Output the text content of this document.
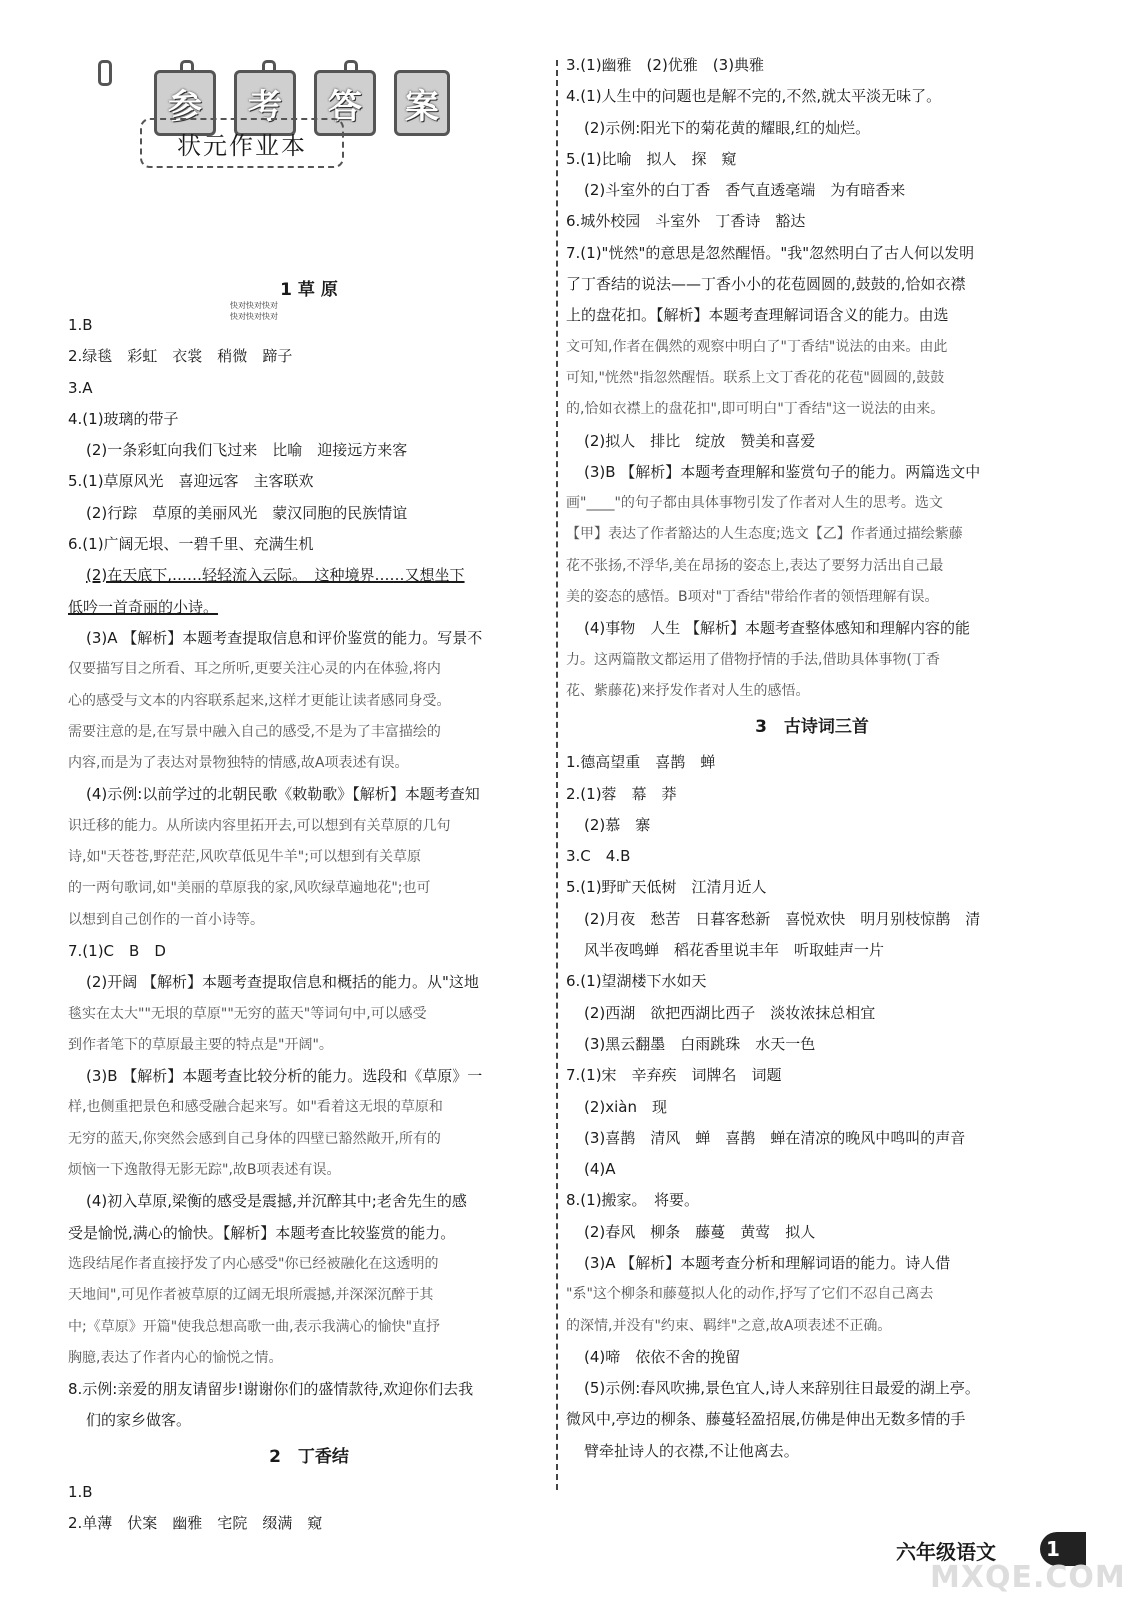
参	考	答	案
1 草 原
1.B
2.绿毯　彩虹　衣裳　稍微　蹄子
3.A
4.(1)玻璃的带子
(2)一条彩虹向我们飞过来　比喻　迎接远方来客
5.(1)草原风光　喜迎远客　主客联欢
(2)行踪　草原的美丽风光　蒙汉同胞的民族情谊
6.(1)广阔无垠、一碧千里、充满生机
(2)在天底下,……轻轻流入云际。　这种境界……又想坐下
低吟一首奇丽的小诗。
(3)A 【解析】本题考查提取信息和评价鉴赏的能力。写景不
仅要描写目之所看、耳之所听,更要关注心灵的内在体验,将内
心的感受与文本的内容联系起来,这样才更能让读者感同身受。
需要注意的是,在写景中融入自己的感受,不是为了丰富描绘的
内容,而是为了表达对景物独特的情感,故A项表述有误。
(4)示例:以前学过的北朝民歌《敕勒歌》【解析】本题考查知
识迁移的能力。从所读内容里拓开去,可以想到有关草原的几句
诗,如"天苍苍,野茫茫,风吹草低见牛羊";可以想到有关草原
的一两句歌词,如"美丽的草原我的家,风吹绿草遍地花";也可
以想到自己创作的一首小诗等。
7.(1)C　B　D
(2)开阔 【解析】本题考查提取信息和概括的能力。从"这地
毯实在太大""无垠的草原""无穷的蓝天"等词句中,可以感受
到作者笔下的草原最主要的特点是"开阔"。
(3)B 【解析】本题考查比较分析的能力。选段和《草原》一
样,也侧重把景色和感受融合起来写。如"看着这无垠的草原和
无穷的蓝天,你突然会感到自己身体的四壁已豁然敞开,所有的
烦恼一下逸散得无影无踪",故B项表述有误。
(4)初入草原,梁衡的感受是震撼,并沉醉其中;老舍先生的感
受是愉悦,满心的愉快。【解析】本题考查比较鉴赏的能力。
选段结尾作者直接抒发了内心感受"你已经被融化在这透明的
天地间",可见作者被草原的辽阔无垠所震撼,并深深沉醉于其
中;《草原》开篇"使我总想高歌一曲,表示我满心的愉快"直抒
胸臆,表达了作者内心的愉悦之情。
8.示例:亲爱的朋友请留步!谢谢你们的盛情款待,欢迎你们去我
们的家乡做客。
2　丁香结
1.B
2.单薄　伏案　幽雅　宅院　缀满　窥
状元作业本
快对快对快对
快对快对快对
3.(1)幽雅　(2)优雅　(3)典雅
4.(1)人生中的问题也是解不完的,不然,就太平淡无味了。
(2)示例:阳光下的菊花黄的耀眼,红的灿烂。
5.(1)比喻　拟人　探　窥
(2)斗室外的白丁香　香气直透毫端　为有暗香来
6.城外校园　斗室外　丁香诗　豁达
7.(1)"恍然"的意思是忽然醒悟。"我"忽然明白了古人何以发明
了丁香结的说法——丁香小小的花苞圆圆的,鼓鼓的,恰如衣襟
上的盘花扣。【解析】本题考查理解词语含义的能力。由选
文可知,作者在偶然的观察中明白了"丁香结"说法的由来。由此
可知,"恍然"指忽然醒悟。联系上文丁香花的花苞"圆圆的,鼓鼓
的,恰如衣襟上的盘花扣",即可明白"丁香结"这一说法的由来。
(2)拟人　排比　绽放　赞美和喜爱
(3)B 【解析】本题考查理解和鉴赏句子的能力。两篇选文中
画"____"的句子都由具体事物引发了作者对人生的思考。选文
【甲】表达了作者豁达的人生态度;选文【乙】作者通过描绘紫藤
花不张扬,不浮华,美在昂扬的姿态上,表达了要努力活出自己最
美的姿态的感悟。B项对"丁香结"带给作者的领悟理解有误。
(4)事物　人生 【解析】本题考查整体感知和理解内容的能
力。这两篇散文都运用了借物抒情的手法,借助具体事物(丁香
花、紫藤花)来抒发作者对人生的感悟。
3　古诗词三首
1.德高望重　喜鹊　蝉
2.(1)蓉　幕　莽
(2)慕　寨
3.C　4.B
5.(1)野旷天低树　江清月近人
(2)月夜　愁苦　日暮客愁新　喜悦欢快　明月别枝惊鹊　清
风半夜鸣蝉　稻花香里说丰年　听取蛙声一片
6.(1)望湖楼下水如天
(2)西湖　欲把西湖比西子　淡妆浓抹总相宜
(3)黑云翻墨　白雨跳珠　水天一色
7.(1)宋　辛弃疾　词牌名　词题
(2)xiàn　现
(3)喜鹊　清风　蝉　喜鹊　蝉在清凉的晚风中鸣叫的声音
(4)A
8.(1)搬家。　将要。
(2)春风　柳条　藤蔓　黄莺　拟人
(3)A 【解析】本题考查分析和理解词语的能力。诗人借
"系"这个柳条和藤蔓拟人化的动作,抒写了它们不忍自己离去
的深情,并没有"约束、羁绊"之意,故A项表述不正确。
(4)啼　依依不舍的挽留
(5)示例:春风吹拂,景色宜人,诗人来辞别往日最爱的湖上亭。
微风中,亭边的柳条、藤蔓轻盈招展,仿佛是伸出无数多情的手
臂牵扯诗人的衣襟,不让他离去。
六年级语文	1
MXQE.COM
